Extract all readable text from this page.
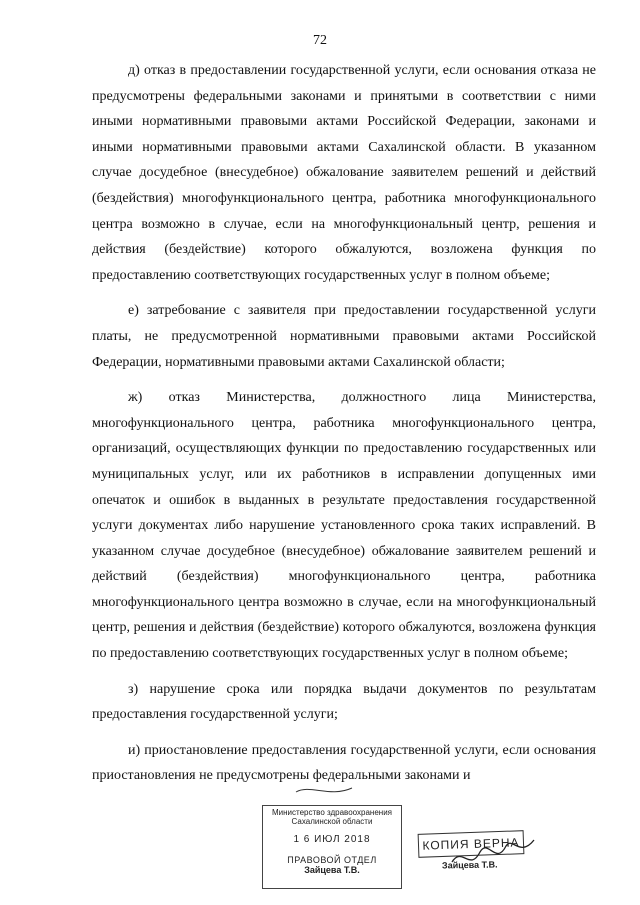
72

д) отказ в предоставлении государственной услуги, если основания отказа не предусмотрены федеральными законами и принятыми в соответствии с ними иными нормативными правовыми актами Российской Федерации, законами и иными нормативными правовыми актами Сахалинской области. В указанном случае досудебное (внесудебное) обжалование заявителем решений и действий (бездействия) многофункционального центра, работника многофункционального центра возможно в случае, если на многофункциональный центр, решения и действия (бездействие) которого обжалуются, возложена функция по предоставлению соответствующих государственных услуг в полном объеме;

е) затребование с заявителя при предоставлении государственной услуги платы, не предусмотренной нормативными правовыми актами Российской Федерации, нормативными правовыми актами Сахалинской области;

ж) отказ Министерства, должностного лица Министерства, многофункционального центра, работника многофункционального центра, организаций, осуществляющих функции по предоставлению государственных или муниципальных услуг, или их работников в исправлении допущенных ими опечаток и ошибок в выданных в результате предоставления государственной услуги документах либо нарушение установленного срока таких исправлений. В указанном случае досудебное (внесудебное) обжалование заявителем решений и действий (бездействия) многофункционального центра, работника многофункционального центра возможно в случае, если на многофункциональный центр, решения и действия (бездействие) которого обжалуются, возложена функция по предоставлению соответствующих государственных услуг в полном объеме;

з) нарушение срока или порядка выдачи документов по результатам предоставления государственной услуги;

и) приостановление предоставления государственной услуги, если основания приостановления не предусмотрены федеральными законами и

Министерство здравоохранения Сахалинской области
1 6 ИЮЛ 2018
ПРАВОВОЙ ОТДЕЛ
Зайцева Т.В.
КОПИЯ ВЕРНА
Зайцева Т.В.
